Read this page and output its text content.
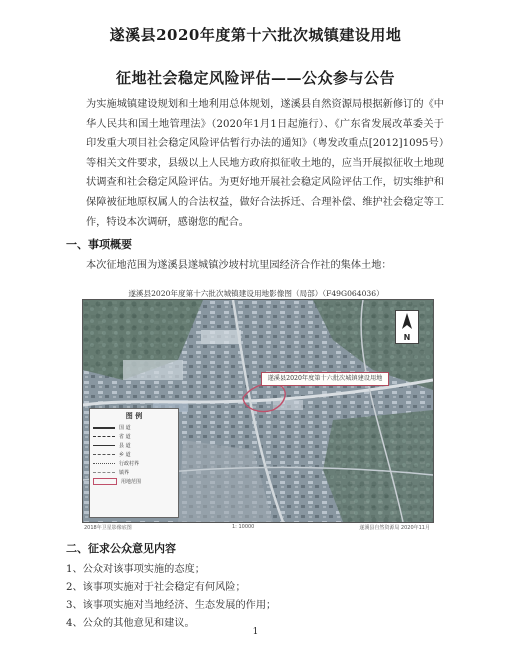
遂溪县2020年度第十六批次城镇建设用地
征地社会稳定风险评估——公众参与公告
为实施城镇建设规划和土地利用总体规划，遂溪县自然资源局根据新修订的《中华人民共和国土地管理法》（2020年1月1日起施行）、《广东省发展改革委关于印发重大项目社会稳定风险评估暂行办法的通知》（粤发改重点[2012]1095号）等相关文件要求，县级以上人民地方政府拟征收土地的，应当开展拟征收土地现状调查和社会稳定风险评估。为更好地开展社会稳定风险评估工作，切实维护和保障被征地原权属人的合法权益，做好合法拆迁、合理补偿、维护社会稳定等工作，特设本次调研，感谢您的配合。
一、事项概要
本次征地范围为遂溪县遂城镇沙坡村坑里园经济合作社的集体土地：
遂溪县2020年度第十六批次城镇建设用地影像图（局部）（F49G064036）
N
遂溪县2020年度第十六批次城镇建设用地
图 例
国 道
省 道
县 道
乡 道
行政村界
镇界
用地范围
2018年卫星影像底图	1: 10000	遂溪县自然资源局 2020年11月
二、征求公众意见内容
1、公众对该事项实施的态度；
2、该事项实施对于社会稳定有何风险；
3、该事项实施对当地经济、生态发展的作用；
4、公众的其他意见和建议。
1
